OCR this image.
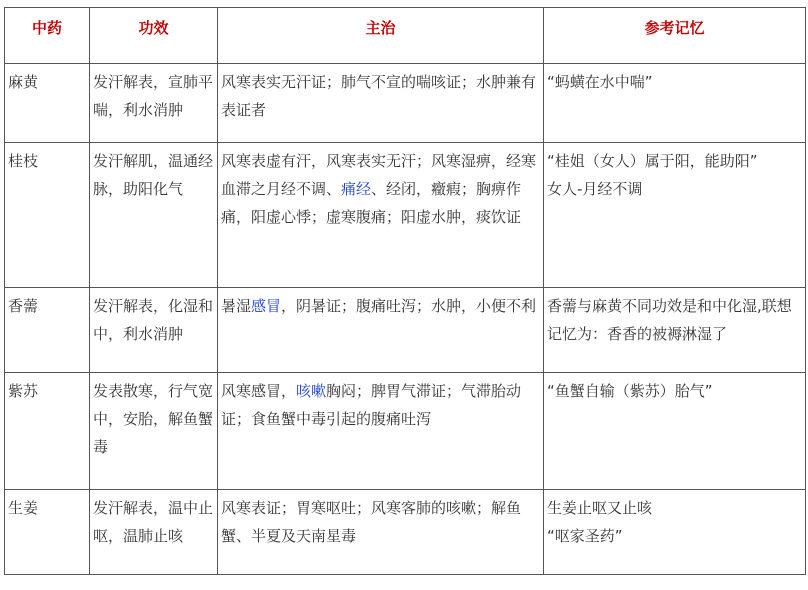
中药	功效	主治	参考记忆
麻黄	发汗解表，宣肺平喘，利水消肿	风寒表实无汗证；肺气不宣的喘咳证；水肿兼有表证者	“蚂蟥在水中喘”

桂枝	发汗解肌，温通经脉，助阳化气	风寒表虚有汗，风寒表实无汗；风寒湿痹，经寒血滞之月经不调、痛经、经闭，癥瘕；胸痹作痛，阳虚心悸；虚寒腹痛；阳虚水肿，痰饮证	“桂姐（女人）属于阳，能助阳”
女人-月经不调

香薷	发汗解表，化湿和中，利水消肿	暑湿感冒，阴暑证；腹痛吐泻；水肿，小便不利	香薷与麻黄不同功效是和中化湿,联想记忆为：香香的被褥淋湿了

紫苏	发表散寒，行气宽中，安胎，解鱼蟹毒	风寒感冒，咳嗽胸闷；脾胃气滞证；气滞胎动证；食鱼蟹中毒引起的腹痛吐泻	“鱼蟹自输（紫苏）胎气”

生姜	发汗解表，温中止呕，温肺止咳	风寒表证；胃寒呕吐；风寒客肺的咳嗽；解鱼蟹、半夏及天南星毒	生姜止呕又止咳
“呕家圣药”
